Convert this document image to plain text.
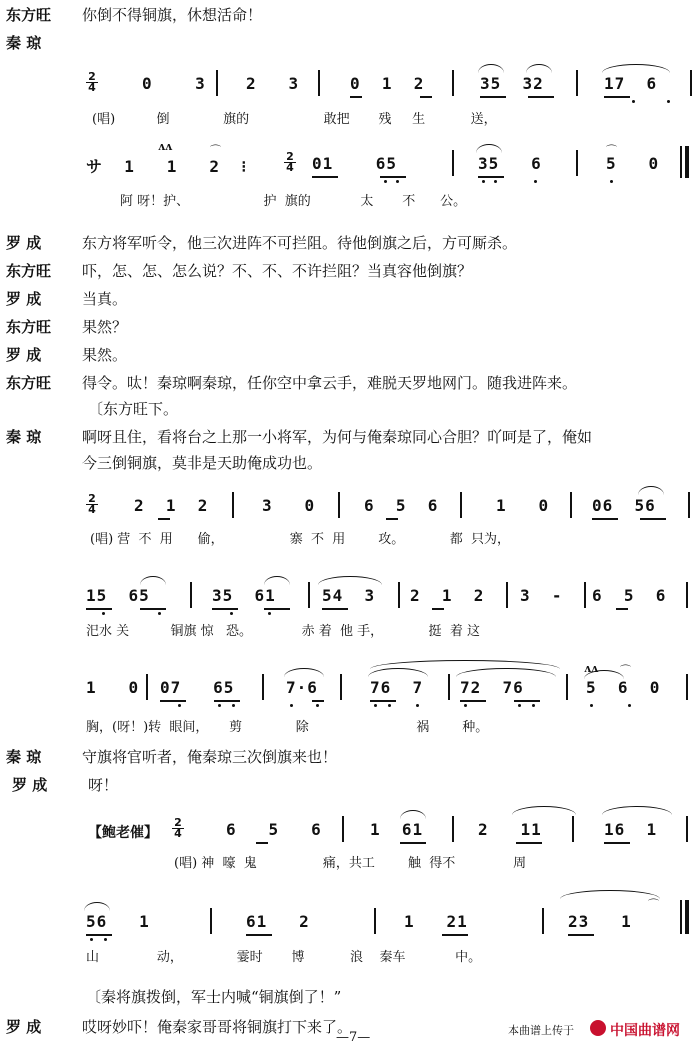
东方旺 你倒不得铜旗，休想活命！
秦 琼
$\frac{2}{4}$	0    3	2   3	0  1  2	35  32	17  6
(唱)          倒             旗的                  敢把       残     生           送，
サ  1   1   2  ⁝
ʌʌ	⌒
$\frac{2}{4} 01$    65	35   6	5   0
⌒
阿 呀！护、                  护  旗的            太       不      公。
罗 成	东方将军听令，他三次进阵不可拦阻。待他倒旗之后，方可厮杀。
东方旺 吓，怎、怎、怎么说？不、不、不许拦阻？当真容他倒旗？
罗 成	当真。
东方旺 果然？
罗 成	果然。
东方旺 得令。呔！秦琼啊秦琼，任你空中拿云手，难脱天罗地网门。随我进阵来。
〔东方旺下。
秦 琼	啊呀且住，看将台之上那一小将军，为何与俺秦琼同心合胆？吖呵是了，俺如
今三倒铜旗，莫非是天助俺成功也。
$\frac{2}{4} 2$  1  2	3   0	6  5  6	1   0	06  56
(唱) 营  不  用      偷，                寨  不  用        攻。           都  只为，
15  65	35  61	54  3 2  1  2 3  - 6  5  6
汜水 关          铜旗 惊   恐。            赤 着  他 手，           挺  着 这
1   0 07   65	7·6	76  7 72  76
ʌʌ ⌒
5  6  0
胸，(呀！)转  眼间，     剪             除                          祸        种。
秦 琼	守旗将官听者，俺秦琼三次倒旗来也！
罗 成	呀！
【鲍老催】 $\frac{2}{4}$	6   5   6	1  61	2   11	16  1
(唱) 神  嚎  鬼                痛，共工        触  得不              周
56   1	61   2	1   21	23   1
⌒
山              动，             霎时       博           浪    秦车            中。
〔秦将旗拨倒，军士内喊“铜旗倒了！”
罗 成	哎呀妙吓！俺秦家哥哥将铜旗打下来了。
—7—	本曲谱上传于	中国曲谱网
